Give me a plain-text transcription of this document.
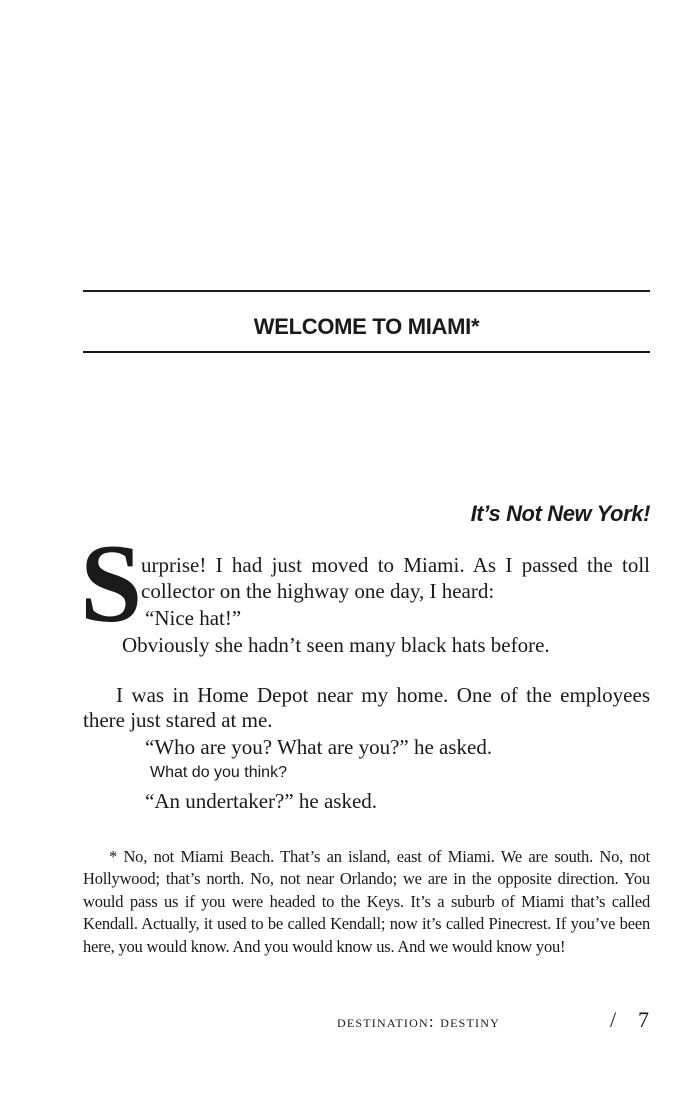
WELCOME TO MIAMI*
It’s Not New York!
S
urprise! I had just moved to Miami. As I passed the toll
collector on the highway one day, I heard:
“Nice hat!”
Obviously she hadn’t seen many black hats before.
I was in Home Depot near my home. One of the employees
there just stared at me.
“Who are you? What are you?” he asked.
What do you think?
“An undertaker?” he asked.
* No, not Miami Beach. That’s an island, east of Miami. We are south. No, not Hollywood; that’s north. No, not near Orlando; we are in the opposite direction. You would pass us if you were headed to the Keys. It’s a suburb of Miami that’s called Kendall. Actually, it used to be called Kendall; now it’s called Pinecrest. If you’ve been here, you would know. And you would know us. And we would know you!
destination: destiny	/ 7
